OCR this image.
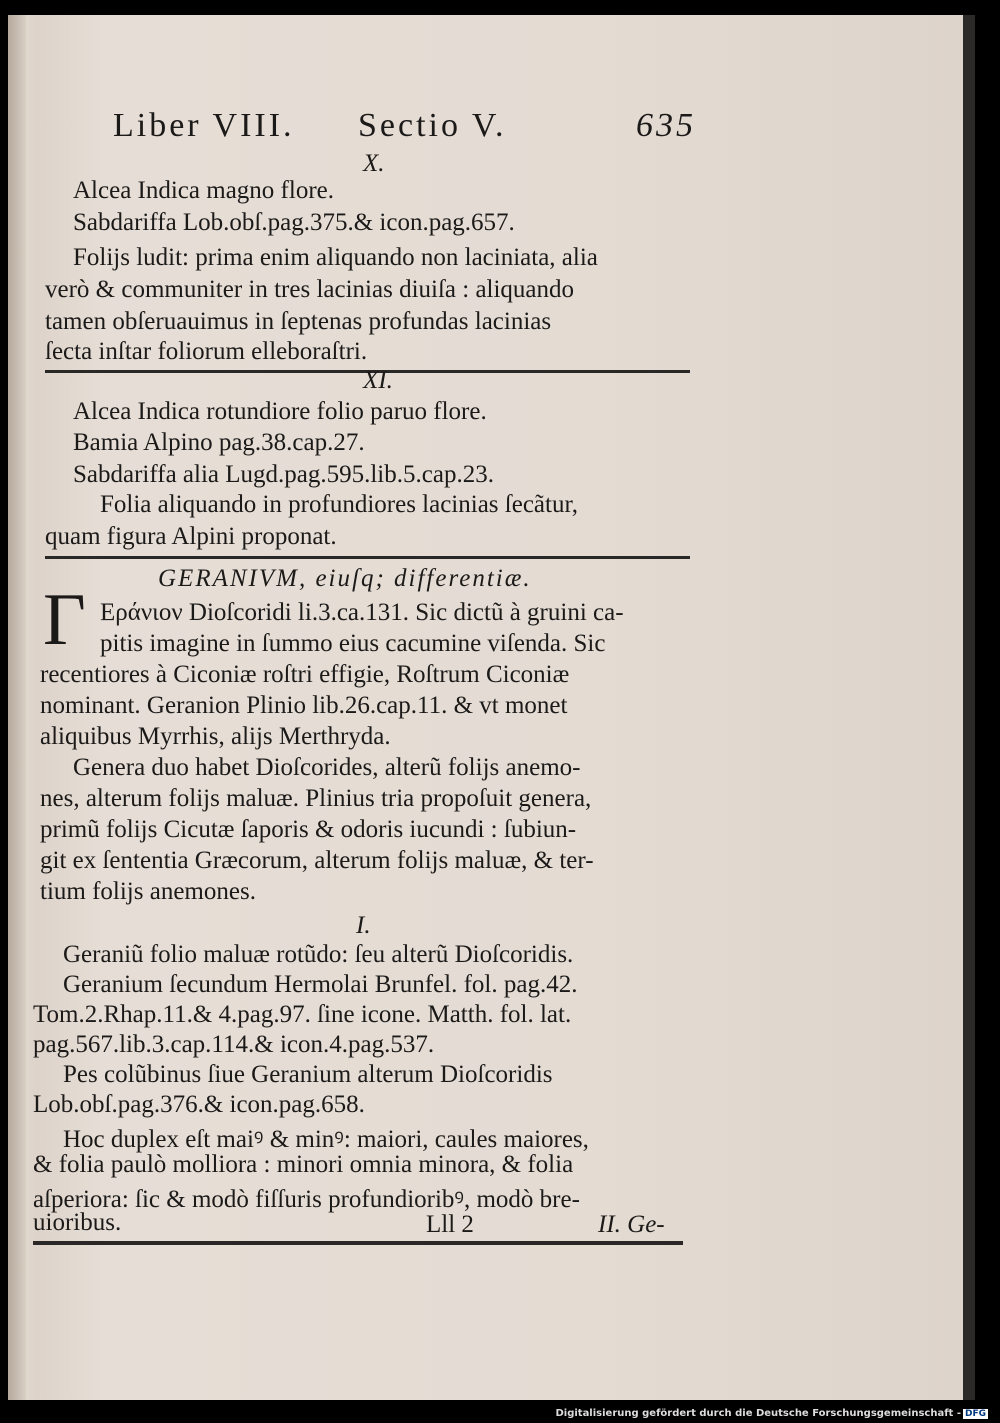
Liber VIII. Sectio V.	635
X.
Alcea Indica magno flore.
Sabdariffa Lob.obſ.pag.375.& icon.pag.657.
Folijs ludit: prima enim aliquando non laciniata, alia
verò & communiter in tres lacinias diuiſa : aliquando
tamen obſeruauimus in ſeptenas profundas lacinias
ſecta inſtar foliorum elleboraſtri.
XI.
Alcea Indica rotundiore folio paruo flore.
Bamia Alpino pag.38.cap.27.
Sabdariffa alia Lugd.pag.595.lib.5.cap.23.
Folia aliquando in profundiores lacinias ſecãtur,
quam figura Alpini proponat.
GERANIVM, eiuſq; differentiæ.
Γ Εράνιον Dioſcoridi li.3.ca.131. Sic dictũ à gruini ca-
pitis imagine in ſummo eius cacumine viſenda. Sic
recentiores à Ciconiæ roſtri effigie, Roſtrum Ciconiæ
nominant. Geranion Plinio lib.26.cap.11. & vt monet
aliquibus Myrrhis, alijs Merthryda.
Genera duo habet Dioſcorides, alterũ folijs anemo-
nes, alterum folijs maluæ. Plinius tria propoſuit genera,
primũ folijs Cicutæ ſaporis & odoris iucundi : ſubiun-
git ex ſententia Græcorum, alterum folijs maluæ, & ter-
tium folijs anemones.
I.
Geraniũ folio maluæ rotũdo: ſeu alterũ Dioſcoridis.
Geranium ſecundum Hermolai Brunfel. fol. pag.42.
Tom.2.Rhap.11.& 4.pag.97. ſine icone. Matth. fol. lat.
pag.567.lib.3.cap.114.& icon.4.pag.537.
Pes colũbinus ſiue Geranium alterum Dioſcoridis
Lob.obſ.pag.376.& icon.pag.658.
Hoc duplex eſt maiꝰ & minꝰ: maiori, caules maiores,
& folia paulò molliora : minori omnia minora, & folia
aſperiora: ſic & modò fiſſuris profundioribꝰ, modò bre-
uioribus.	Lll 2	II. Ge-
Digitalisierung gefördert durch die Deutsche Forschungsgemeinschaft - DFG
